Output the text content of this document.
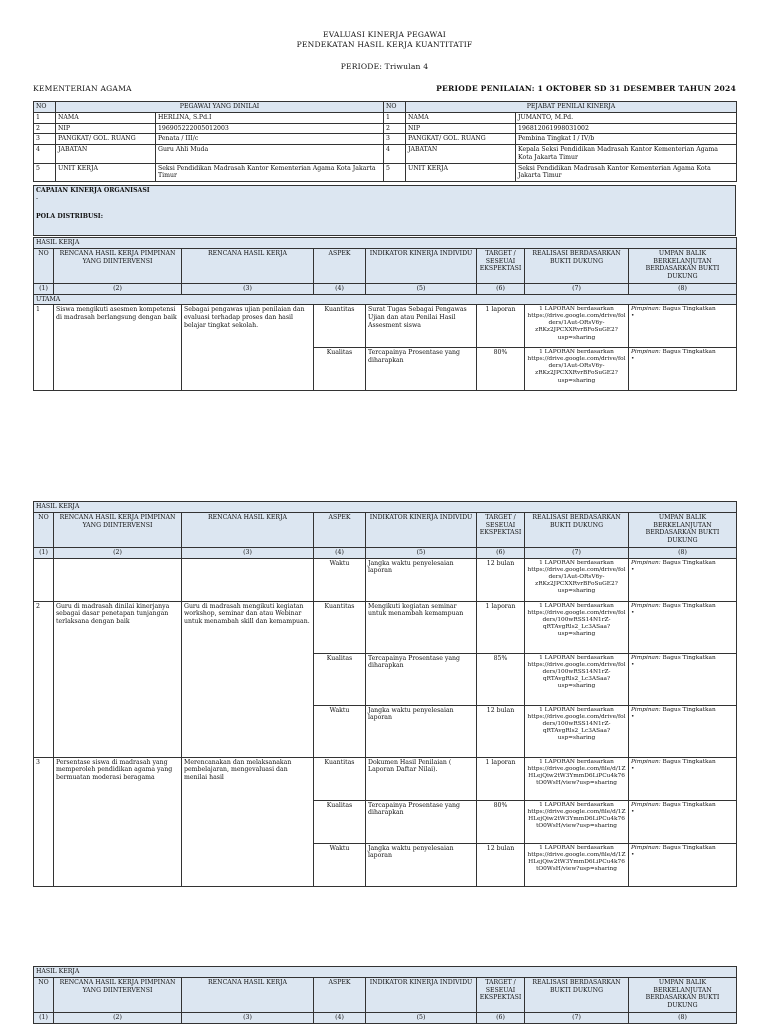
EVALUASI KINERJA PEGAWAI
PENDEKATAN HASIL KERJA KUANTITATIF
PERIODE: Triwulan 4
KEMENTERIAN AGAMA	PERIODE PENILAIAN: 1 OKTOBER SD 31 DESEMBER TAHUN 2024
NO	PEGAWAI YANG DINILAI		NO	PEJABAT PENILAI KINERJA	
1	NAMA	HERLINA, S.Pd.I	1	NAMA	JUMANTO, M.Pd.
2	NIP	196905222005012003	2	NIP	196812061998031002
3	PANGKAT/ GOL. RUANG	Penata / III/c	3	PANGKAT/ GOL. RUANG	Pembina Tingkat I / IV/b
4	JABATAN	Guru Ahli Muda	4	JABATAN	Kepala Seksi Pendidikan Madrasah Kantor Kementerian Agama Kota Jakarta Timur
5	UNIT KERJA	Seksi Pendidikan Madrasah Kantor Kementerian Agama Kota Jakarta Timur	5	UNIT KERJA	Seksi Pendidikan Madrasah Kantor Kementerian Agama Kota Jakarta Timur
CAPAIAN KINERJA ORGANISASI
-

POLA DISTRIBUSI:
HASIL KERJA							
NO	RENCANA HASIL KERJA PIMPINAN YANG DIINTERVENSI	RENCANA HASIL KERJA	ASPEK	INDIKATOR KINERJA INDIVIDU	TARGET / SESEUAI EKSPEKTASI	REALISASI BERDASARKAN BUKTI DUKUNG	UMPAN BALIK BERKELANJUTAN BERDASARKAN BUKTI DUKUNG
(1)	(2)	(3)	(4)	(5)	(6)	(7)	(8)
UTAMA							
1	Siswa mengikuti asesmen kompetensi di madrasah berlangsung dengan baik	Sebagai pengawas ujian penilaian dan evaluasi terhadap proses dan hasil belajar tingkat sekolah.	Kuantitas	Surat Tugas Sebagai Pengawas Ujian dan atau Penilai Hasil Assesment siswa	1 laporan	1 LAPORAN berdasarkan https://drive.google.com/drive/folders/1Aut-ORsV6y-zRKz2JPCXXRvrBFoSuGE2?usp=sharing	Pimpinan: Bagus Tingkatkan
•
			Kualitas	Tercapainya Prosentase yang diharapkan	80%	1 LAPORAN berdasarkan https://drive.google.com/drive/folders/1Aut-ORsV6y-zRKz2JPCXXRvrBFoSuGE2?usp=sharing	Pimpinan: Bagus Tingkatkan
•
HASIL KERJA							
NO	RENCANA HASIL KERJA PIMPINAN YANG DIINTERVENSI	RENCANA HASIL KERJA	ASPEK	INDIKATOR KINERJA INDIVIDU	TARGET / SESEUAI EKSPEKTASI	REALISASI BERDASARKAN BUKTI DUKUNG	UMPAN BALIK BERKELANJUTAN BERDASARKAN BUKTI DUKUNG
(1)	(2)	(3)	(4)	(5)	(6)	(7)	(8)
			Waktu	Jangka waktu penyelesaian laporan	12 bulan	1 LAPORAN berdasarkan https://drive.google.com/drive/folders/1Aut-ORsV6y-zRKz2JPCXXRvrBFoSuGE2?usp=sharing	Pimpinan: Bagus Tingkatkan
•
2	Guru di madrasah dinilai kinerjanya sebagai dasar penetapan tunjangan terlaksana dengan baik	Guru di madrasah mengikuti kegiatan workshop, seminar dan atau Webinar untuk menambah skill dan kemampuan.	Kuantitas	Mengikuti kegiatan seminar untuk menambah kemampuan	1 laporan	1 LAPORAN berdasarkan https://drive.google.com/drive/folders/100wRSS14N1rZ-qRTAvgRls2_Lc3ASaa?usp=sharing	Pimpinan: Bagus Tingkatkan
•
			Kualitas	Tercapainya Prosentase yang diharapkan	85%	1 LAPORAN berdasarkan https://drive.google.com/drive/folders/100wRSS14N1rZ-qRTAvgRls2_Lc3ASaa?usp=sharing	Pimpinan: Bagus Tingkatkan
•
			Waktu	Jangka waktu penyelesaian laporan	12 bulan	1 LAPORAN berdasarkan https://drive.google.com/drive/folders/100wRSS14N1rZ-qRTAvgRls2_Lc3ASaa?usp=sharing	Pimpinan: Bagus Tingkatkan
•
3	Persentase siswa di madrasah yang memperoleh pendidikan agama yang bermuatan moderasi beragama	Merencanakan dan melaksanakan pembelajaran, mengevaluasi dan menilai hasil	Kuantitas	Dokumen Hasil Penilaian ( Laporan Daftar Nilai).	1 laporan	1 LAPORAN berdasarkan https://drive.google.com/file/d/1ZHLejQiw2tW3YmmD6LiPCu4k76tO0WsH/view?usp=sharing	Pimpinan: Bagus Tingkatkan
•
			Kualitas	Tercapainya Prosentase yang diharapkan	80%	1 LAPORAN berdasarkan https://drive.google.com/file/d/1ZHLejQiw2tW3YmmD6LiPCu4k76tO0WsH/view?usp=sharing	Pimpinan: Bagus Tingkatkan
•
			Waktu	Jangka waktu penyelesaian laporan	12 bulan	1 LAPORAN berdasarkan https://drive.google.com/file/d/1ZHLejQiw2tW3YmmD6LiPCu4k76tO0WsH/view?usp=sharing	Pimpinan: Bagus Tingkatkan
•
HASIL KERJA							
NO	RENCANA HASIL KERJA PIMPINAN YANG DIINTERVENSI	RENCANA HASIL KERJA	ASPEK	INDIKATOR KINERJA INDIVIDU	TARGET / SESEUAI EKSPEKTASI	REALISASI BERDASARKAN BUKTI DUKUNG	UMPAN BALIK BERKELANJUTAN BERDASARKAN BUKTI DUKUNG
(1)	(2)	(3)	(4)	(5)	(6)	(7)	(8)
